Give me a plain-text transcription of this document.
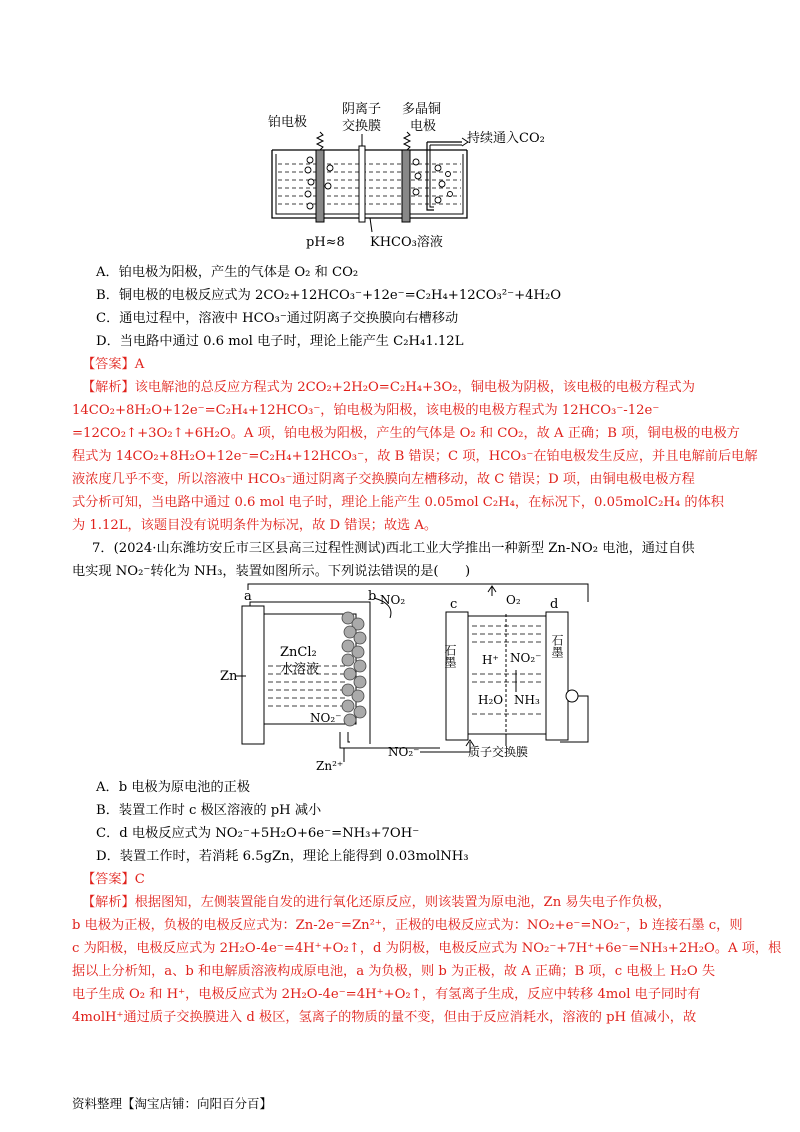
铂电极
阴离子
交换膜
多晶铜
电极
持续通入CO₂
pH≈8 KHCO₃溶液
A．铂电极为阳极，产生的气体是 O₂ 和 CO₂
B．铜电极的电极反应式为 2CO₂+12HCO₃⁻+12e⁻=C₂H₄+12CO₃²⁻+4H₂O
C．通电过程中，溶液中 HCO₃⁻通过阴离子交换膜向右槽移动
D．当电路中通过 0.6 mol 电子时，理论上能产生 C₂H₄1.12L
【答案】A
【解析】该电解池的总反应方程式为 2CO₂+2H₂O=C₂H₄+3O₂，铜电极为阴极，该电极的电极方程式为
14CO₂+8H₂O+12e⁻=C₂H₄+12HCO₃⁻，铂电极为阳极，该电极的电极方程式为 12HCO₃⁻-12e⁻
=12CO₂↑+3O₂↑+6H₂O。A 项，铂电极为阳极，产生的气体是 O₂ 和 CO₂，故 A 正确；B 项，铜电极的电极方
程式为 14CO₂+8H₂O+12e⁻=C₂H₄+12HCO₃⁻，故 B 错误；C 项，HCO₃⁻在铂电极发生反应，并且电解前后电解
液浓度几乎不变，所以溶液中 HCO₃⁻通过阴离子交换膜向左槽移动，故 C 错误；D 项，由铜电极电极方程
式分析可知，当电路中通过 0.6 mol 电子时，理论上能产生 0.05mol C₂H₄，在标况下，0.05molC₂H₄ 的体积
为 1.12L，该题目没有说明条件为标况，故 D 错误；故选 A。
7．(2024·山东潍坊安丘市三区县高三过程性测试)西北工业大学推出一种新型 Zn-NO₂ 电池，通过自供
电实现 NO₂⁻转化为 NH₃，装置如图所示。下列说法错误的是(　　)
a	b NO₂
ZnCl₂
水溶液
Zn
NO₂⁻
Zn²⁺
NO₂⁻
c	d
O₂
石墨	石墨
H⁺ NO₂⁻
H₂O NH₃
质子交换膜
A．b 电极为原电池的正极
B．装置工作时 c 极区溶液的 pH 减小
C．d 电极反应式为 NO₂⁻+5H₂O+6e⁻=NH₃+7OH⁻
D．装置工作时，若消耗 6.5gZn，理论上能得到 0.03molNH₃
【答案】C
【解析】根据图知，左侧装置能自发的进行氧化还原反应，则该装置为原电池，Zn 易失电子作负极，
b 电极为正极，负极的电极反应式为：Zn-2e⁻=Zn²⁺，正极的电极反应式为：NO₂+e⁻=NO₂⁻，b 连接石墨 c，则
c 为阳极，电极反应式为 2H₂O-4e⁻=4H⁺+O₂↑，d 为阴极，电极反应式为 NO₂⁻+7H⁺+6e⁻=NH₃+2H₂O。A 项，根
据以上分析知，a、b 和电解质溶液构成原电池，a 为负极，则 b 为正极，故 A 正确；B 项，c 电极上 H₂O 失
电子生成 O₂ 和 H⁺，电极反应式为 2H₂O-4e⁻=4H⁺+O₂↑，有氢离子生成，反应中转移 4mol 电子同时有
4molH⁺通过质子交换膜进入 d 极区，氢离子的物质的量不变，但由于反应消耗水，溶液的 pH 值减小，故
资料整理【淘宝店铺：向阳百分百】
